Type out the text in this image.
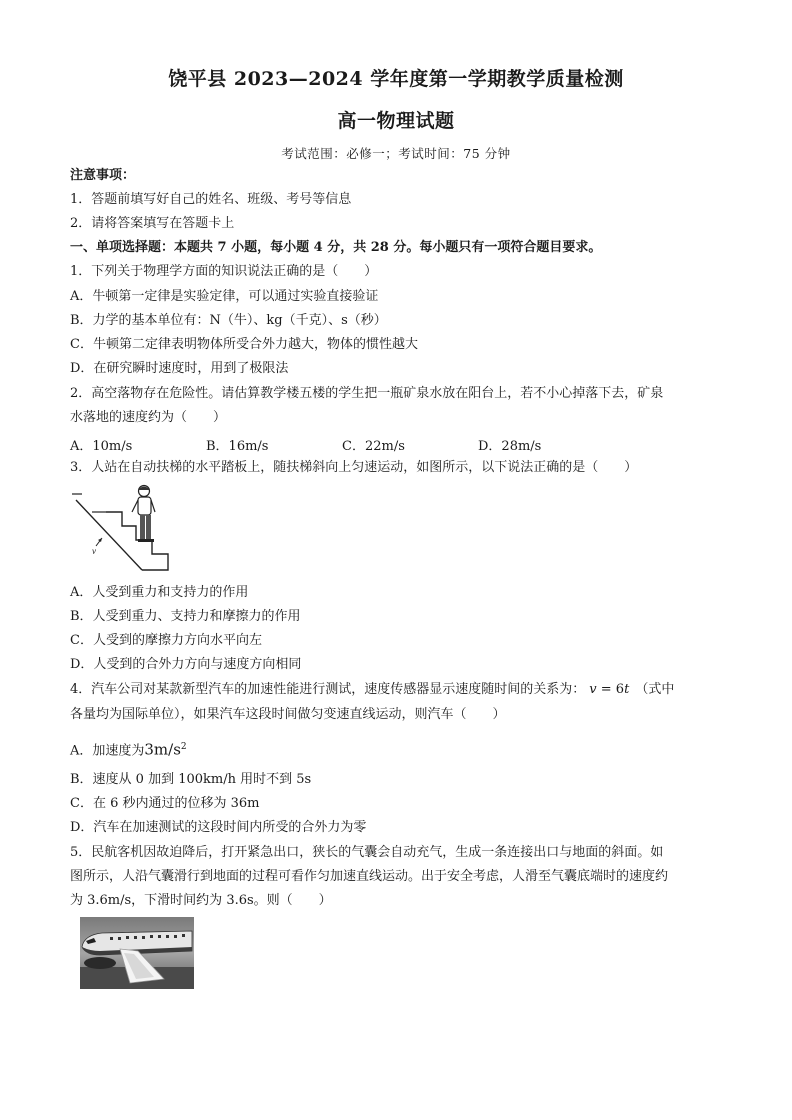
饶平县 2023—2024 学年度第一学期教学质量检测
高一物理试题
考试范围：必修一；考试时间：75 分钟
注意事项：
1．答题前填写好自己的姓名、班级、考号等信息
2．请将答案填写在答题卡上
一、单项选择题：本题共 7 小题，每小题 4 分，共 28 分。每小题只有一项符合题目要求。
1．下列关于物理学方面的知识说法正确的是（　　）
A．牛顿第一定律是实验定律，可以通过实验直接验证
B．力学的基本单位有：N（牛）、kg（千克）、s（秒）
C．牛顿第二定律表明物体所受合外力越大，物体的惯性越大
D．在研究瞬时速度时，用到了极限法
2．高空落物存在危险性。请估算教学楼五楼的学生把一瓶矿泉水放在阳台上，若不小心掉落下去，矿泉
水落地的速度约为（　　）
A．10m/s	B．16m/s	C．22m/s	D．28m/s
3．人站在自动扶梯的水平踏板上，随扶梯斜向上匀速运动，如图所示，以下说法正确的是（　　）
v
A．人受到重力和支持力的作用
B．人受到重力、支持力和摩擦力的作用
C．人受到的摩擦力方向水平向左
D．人受到的合外力方向与速度方向相同
4．汽车公司对某款新型汽车的加速性能进行测试，速度传感器显示速度随时间的关系为： v = 6t （式中
各量均为国际单位），如果汽车这段时间做匀变速直线运动，则汽车（　　）
A．加速度为$3m/s^2$
B．速度从 0 加到 100km/h 用时不到 5s
C．在 6 秒内通过的位移为 36m
D．汽车在加速测试的这段时间内所受的合外力为零
5．民航客机因故迫降后，打开紧急出口，狭长的气囊会自动充气，生成一条连接出口与地面的斜面。如
图所示，人沿气囊滑行到地面的过程可看作匀加速直线运动。出于安全考虑，人滑至气囊底端时的速度约
为 3.6m/s，下滑时间约为 3.6s。则（　　）
